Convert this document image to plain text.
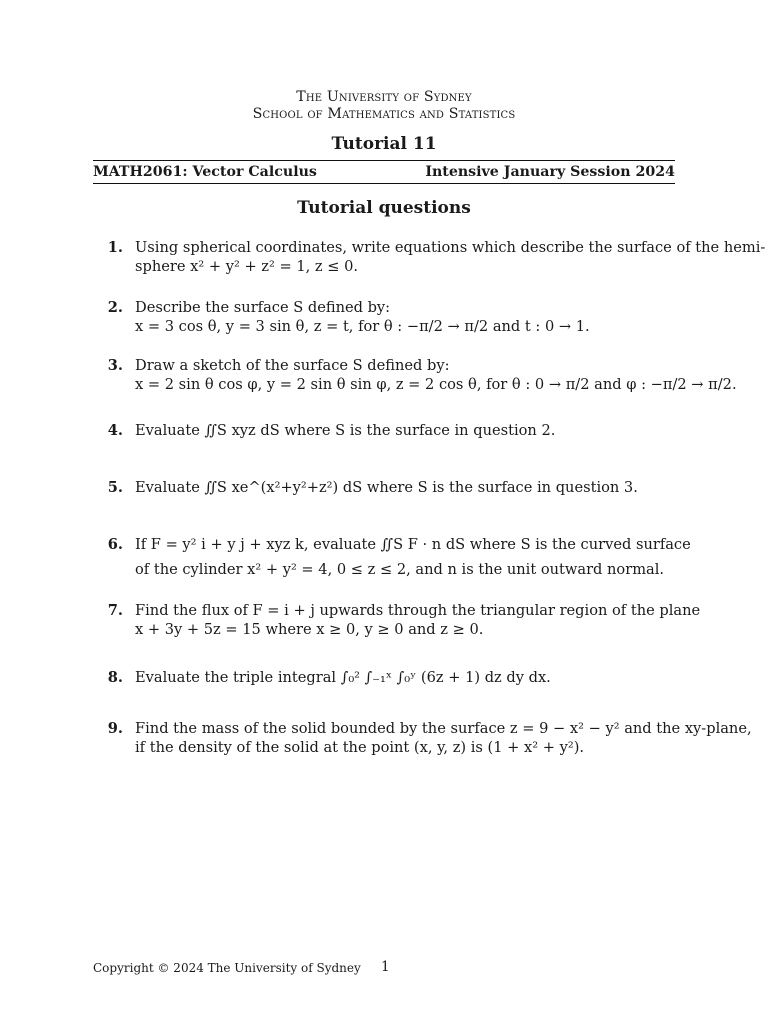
The University of Sydney
School of Mathematics and Statistics
Tutorial 11
MATH2061: Vector Calculus	Intensive January Session 2024
Tutorial questions
1. Using spherical coordinates, write equations which describe the surface of the hemi-
sphere x² + y² + z² = 1, z ≤ 0.
2. Describe the surface S defined by:
x = 3 cos θ, y = 3 sin θ, z = t, for θ : −π/2 → π/2 and t : 0 → 1.
3. Draw a sketch of the surface S defined by:
x = 2 sin θ cos φ, y = 2 sin θ sin φ, z = 2 cos θ, for θ : 0 → π/2 and φ : −π/2 → π/2.
4. Evaluate ∬S xyz dS where S is the surface in question 2.
5. Evaluate ∬S xe^(x²+y²+z²) dS where S is the surface in question 3.
6. If F = y² i + y j + xyz k, evaluate ∬S F · n dS where S is the curved surface
of the cylinder x² + y² = 4, 0 ≤ z ≤ 2, and n is the unit outward normal.
7. Find the flux of F = i + j upwards through the triangular region of the plane
x + 3y + 5z = 15 where x ≥ 0, y ≥ 0 and z ≥ 0.
8. Evaluate the triple integral ∫₀² ∫₋₁ˣ ∫₀ʸ (6z + 1) dz dy dx.
9. Find the mass of the solid bounded by the surface z = 9 − x² − y² and the xy-plane,
if the density of the solid at the point (x, y, z) is (1 + x² + y²).
Copyright © 2024 The University of Sydney 1
